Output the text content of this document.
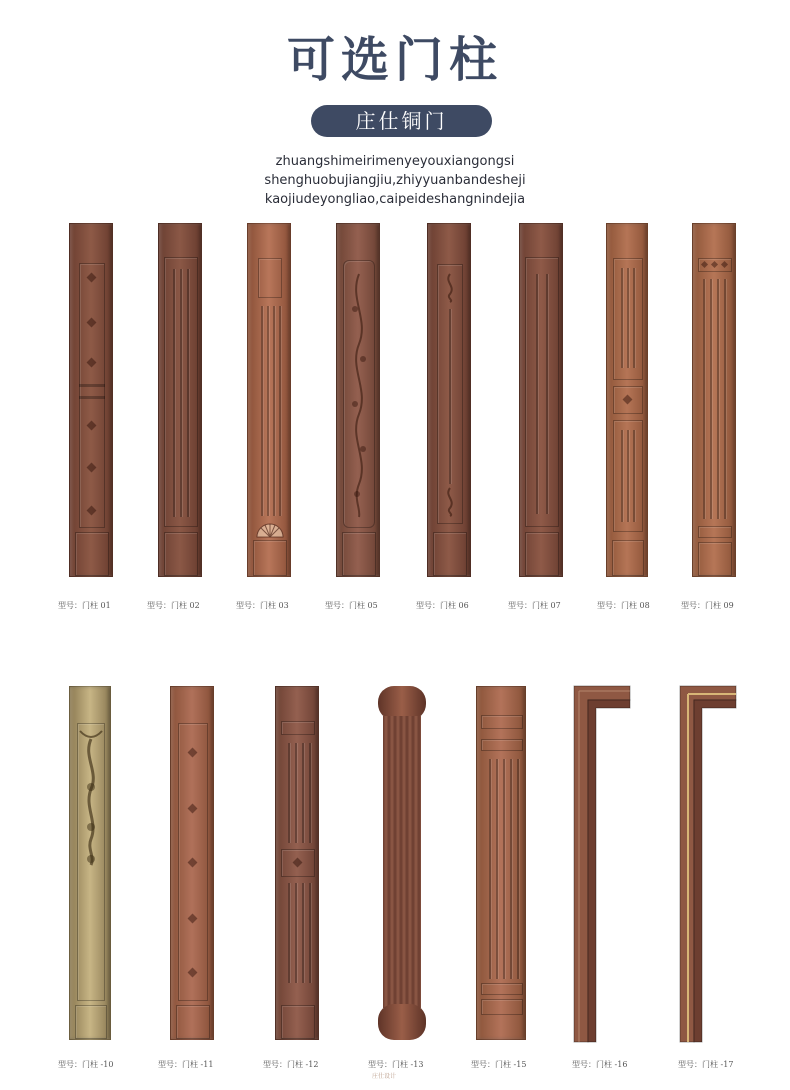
可选门柱
庄仕铜门
zhuangshimeirimenyeyouxiangongsi
shenghuobujiangjiu,zhiyyuanbandesheji
kaojiudeyongliao,caipeideshangnindejia
型号：门柱 01	型号：门柱 02	型号：门柱 03	型号：门柱 05	型号：门柱 06	型号：门柱 07	型号：门柱 08	型号：门柱 09
型号：门柱 -10	型号：门柱 -11	型号：门柱 -12	型号：门柱 -13
庄仕设计
型号：门柱 -15	型号：门柱 -16	型号：门柱 -17
